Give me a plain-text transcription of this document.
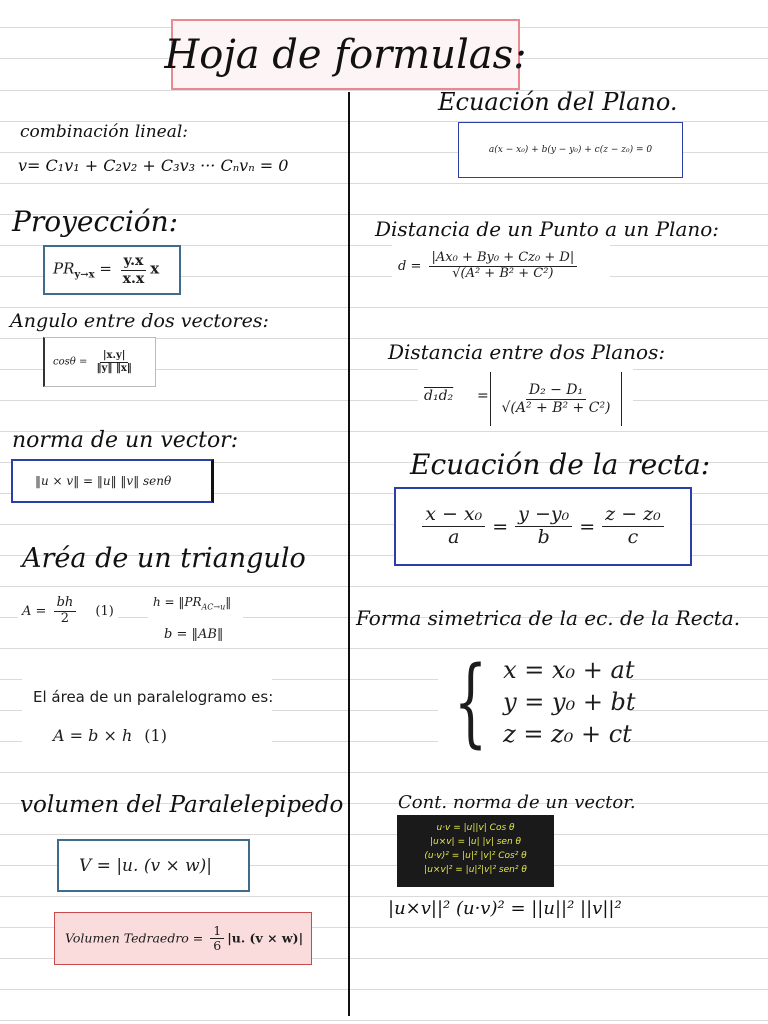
Hoja de formulas:
combinación lineal:
v= C₁v₁ + C₂v₂ + C₃v₃ ··· Cₙvₙ = 0
Proyección:
$PR_{y\to x} = \frac{y.x}{x.x}$ x
Angulo entre dos vectores:
$\cos\theta = \frac{|x.y|}{‖y‖ ‖x‖}$
norma de un vector:
‖u × v‖ = ‖u‖ ‖v‖ senθ
Aréa de un triangulo
$A = \frac{bh}{2} (1)$
$h = ‖PR_{AC\to u}‖$
b = ‖AB‖
El área de un paralelogramo es:
A = b × h (1)
volumen del Paralelepipedo
V = |u. (v × w)|
Volumen Tedraedro = $\frac{1}{6} |u$. (v × w)|
Ecuación del Plano.
a(x − x₀) + b(y − y₀) + c(z − z₀) = 0
Distancia de un Punto a un Plano:
$d = \frac{\text{|Ax₀ + By₀ + Cz₀ + D|}}{\text{√(A² + B² + C²)}}$
Distancia entre dos Planos:
$d_1d_2 = \frac{\text{D₂ − D₁}}{\text{√(A² + B² + C²)}}$
Ecuación de la recta:
$\frac{\text{x − x₀}}{a} = \frac{\text{y −y₀}}{b} = \frac{\text{z − z₀}}{c}$
Forma simetrica de la ec. de la Recta.
{ x = x₀ + at
y = y₀ + bt
z = z₀ + ct
Cont. norma de un vector.
u·v = |u||v| Cos θ
|u×v| = |u| |v| sen θ
(u·v)² = |u|² |v|² Cos² θ
|u×v|² = |u|²|v|² sen² θ
|u×v||² (u·v)² = ||u||² ||v||²
